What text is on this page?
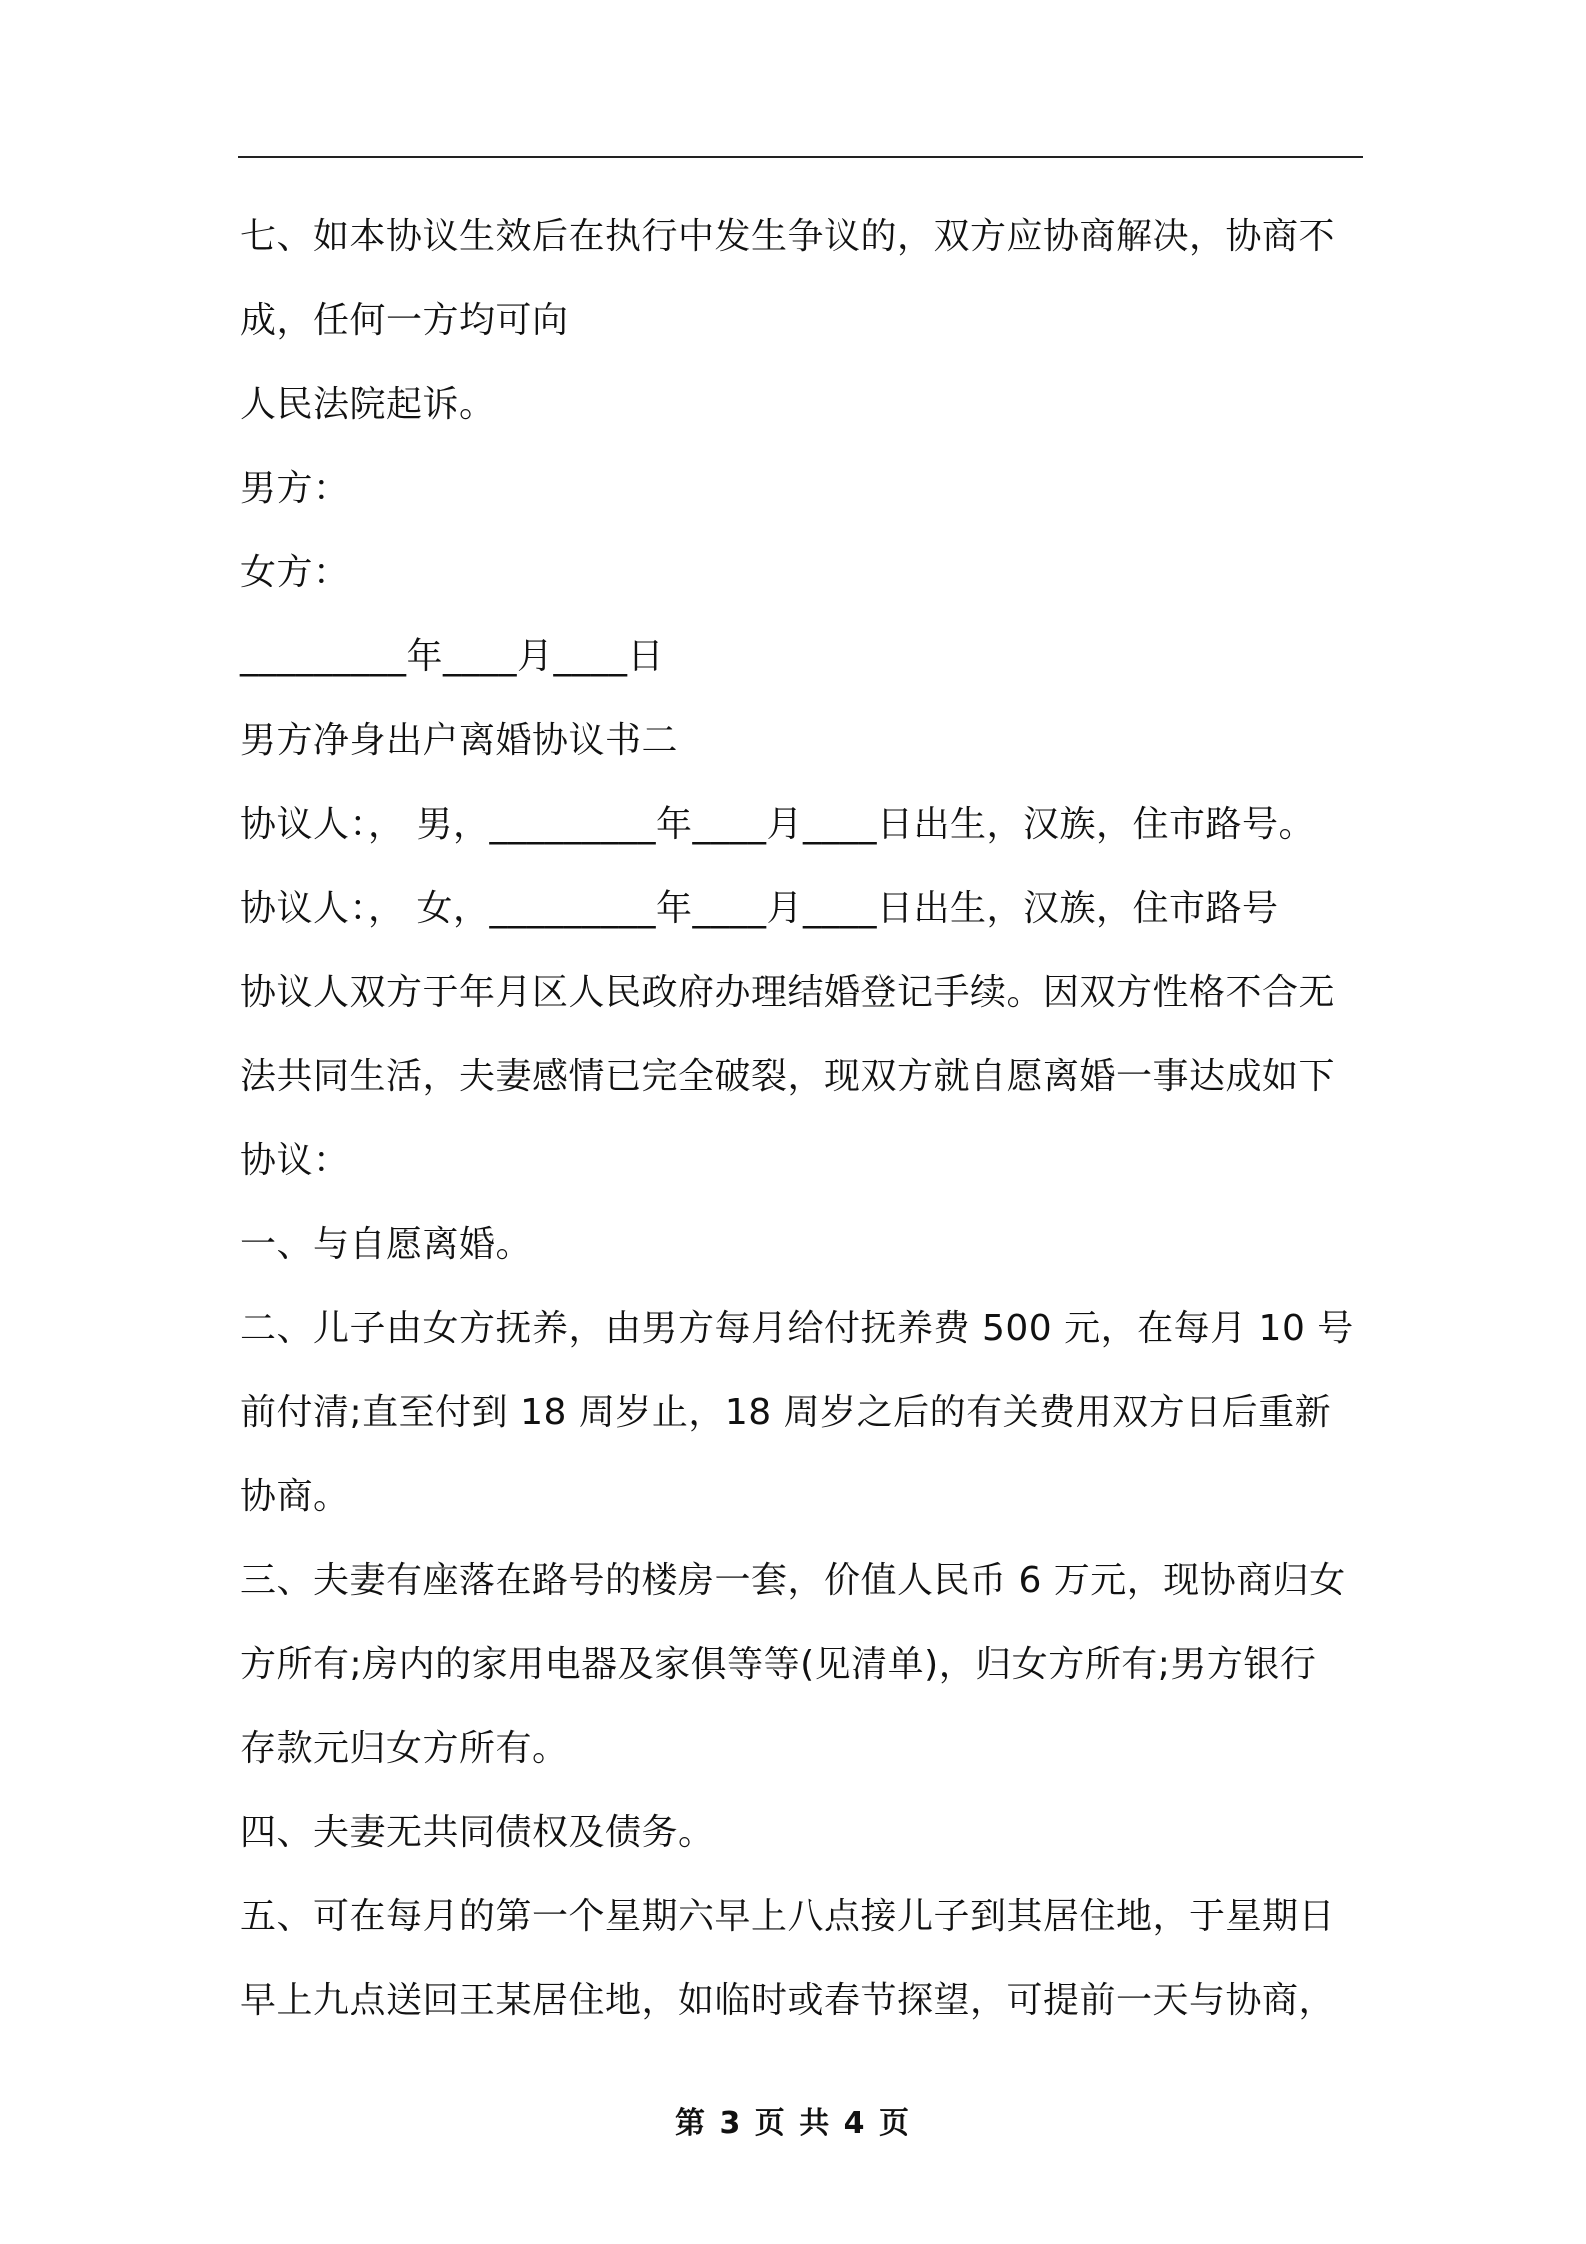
七、如本协议生效后在执行中发生争议的，双方应协商解决，协商不

成，任何一方均可向

人民法院起诉。

男方：

女方：

_________年____月____日

男方净身出户离婚协议书二

协议人：， 男，_________年____月____日出生，汉族，住市路号。

协议人：， 女，_________年____月____日出生，汉族，住市路号

协议人双方于年月区人民政府办理结婚登记手续。因双方性格不合无

法共同生活，夫妻感情已完全破裂，现双方就自愿离婚一事达成如下

协议：

一、与自愿离婚。

二、儿子由女方抚养，由男方每月给付抚养费 500 元，在每月 10 号

前付清;直至付到 18 周岁止，18 周岁之后的有关费用双方日后重新

协商。

三、夫妻有座落在路号的楼房一套，价值人民币 6 万元，现协商归女

方所有;房内的家用电器及家俱等等(见清单)，归女方所有;男方银行

存款元归女方所有。

四、夫妻无共同债权及债务。

五、可在每月的第一个星期六早上八点接儿子到其居住地，于星期日

早上九点送回王某居住地，如临时或春节探望，可提前一天与协商，

第 3 页 共 4 页
